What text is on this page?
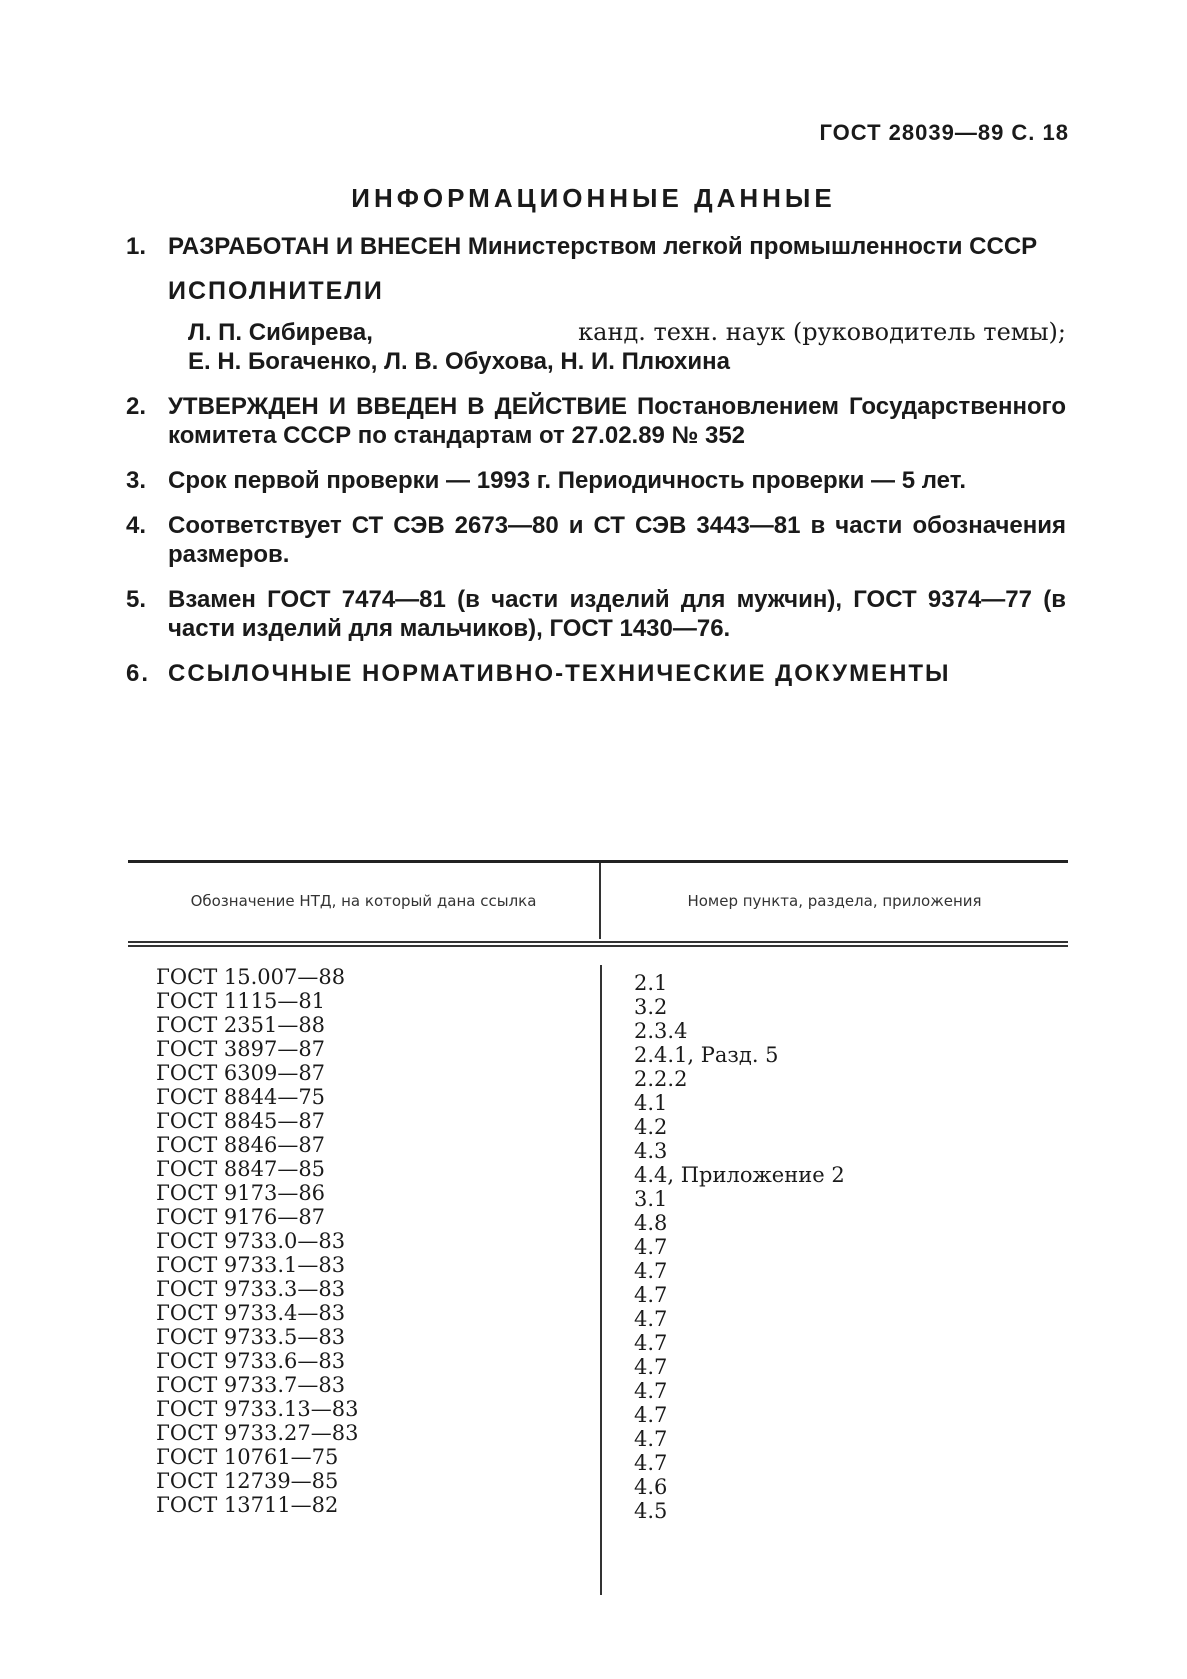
ГОСТ 28039—89 С. 18
ИНФОРМАЦИОННЫЕ ДАННЫЕ
1. РАЗРАБОТАН И ВНЕСЕН Министерством легкой промышленности СССР
ИСПОЛНИТЕЛИ
Л. П. Сибирева,	канд. техн. наук (руководитель темы);
Е. Н. Богаченко, Л. В. Обухова, Н. И. Плюхина
2. УТВЕРЖДЕН И ВВЕДЕН В ДЕЙСТВИЕ Постановлением Государственного комитета СССР по стандартам от 27.02.89 № 352
3. Срок первой проверки — 1993 г. Периодичность проверки — 5 лет.
4. Соответствует СТ СЭВ 2673—80 и СТ СЭВ 3443—81 в части обозначения размеров.
5. Взамен ГОСТ 7474—81 (в части изделий для мужчин), ГОСТ 9374—77 (в части изделий для мальчиков), ГОСТ 1430—76.
6. ССЫЛОЧНЫЕ НОРМАТИВНО-ТЕХНИЧЕСКИЕ ДОКУМЕНТЫ
Обозначение НТД, на который дана ссылка	Номер пункта, раздела, приложения
ГОСТ 15.007—88
ГОСТ 1115—81
ГОСТ 2351—88
ГОСТ 3897—87
ГОСТ 6309—87
ГОСТ 8844—75
ГОСТ 8845—87
ГОСТ 8846—87
ГОСТ 8847—85
ГОСТ 9173—86
ГОСТ 9176—87
ГОСТ 9733.0—83
ГОСТ 9733.1—83
ГОСТ 9733.3—83
ГОСТ 9733.4—83
ГОСТ 9733.5—83
ГОСТ 9733.6—83
ГОСТ 9733.7—83
ГОСТ 9733.13—83
ГОСТ 9733.27—83
ГОСТ 10761—75
ГОСТ 12739—85
ГОСТ 13711—82
2.1
3.2
2.3.4
2.4.1, Разд. 5
2.2.2
4.1
4.2
4.3
4.4, Приложение 2
3.1
4.8
4.7
4.7
4.7
4.7
4.7
4.7
4.7
4.7
4.7
4.7
4.6
4.5
